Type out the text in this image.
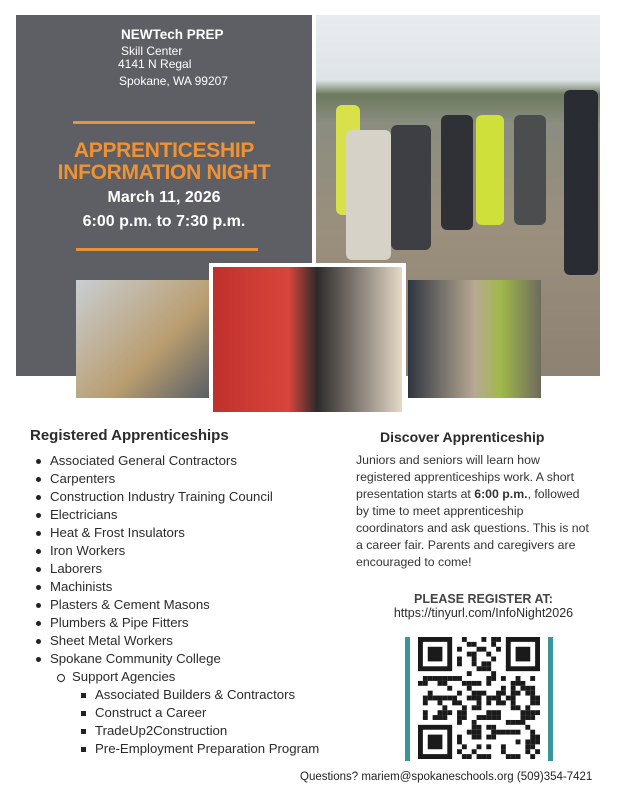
NEWTech PREP
Skill Center
4141 N Regal
Spokane, WA 99207
APPRENTICESHIP
INFORMATION NIGHT
March 11, 2026
6:00 p.m. to 7:30 p.m.
Registered Apprenticeships
Associated General Contractors
Carpenters
Construction Industry Training Council
Electricians
Heat & Frost Insulators
Iron Workers
Laborers
Machinists
Plasters & Cement Masons
Plumbers & Pipe Fitters
Sheet Metal Workers
Spokane Community College
Support Agencies
Associated Builders & Contractors
Construct a Career
TradeUp2Construction
Pre-Employment Preparation Program
Discover Apprenticeship

Juniors and seniors will learn how registered apprenticeships work. A short presentation starts at 6:00 p.m., followed by time to meet apprenticeship coordinators and ask questions. This is not a career fair. Parents and caregivers are encouraged to come!

PLEASE REGISTER AT:
https://tinyurl.com/InfoNight2026
Questions? mariem@spokaneschools.org (509)354-7421
